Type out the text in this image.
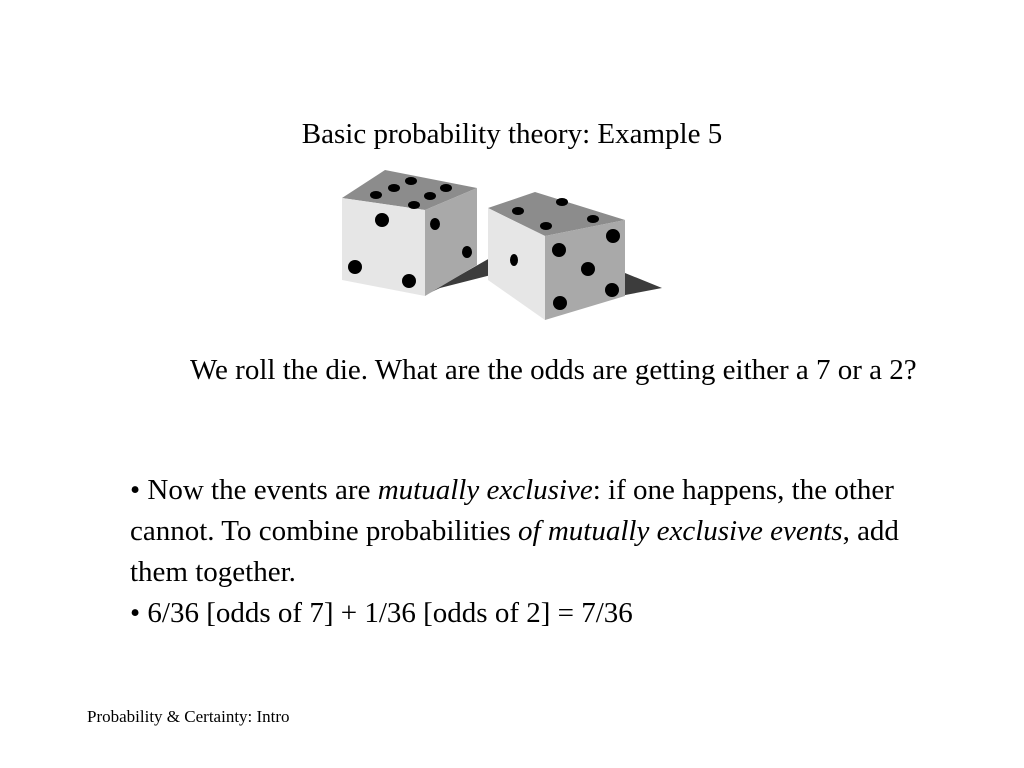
Basic probability theory: Example 5
We roll the die. What are the odds are getting either a 7 or a 2?

• Now the events are mutually exclusive: if one happens, the other cannot. To combine probabilities of mutually exclusive events, add them together.

• 6/36 [odds of 7] + 1/36 [odds of 2] = 7/36

Probability & Certainty: Intro
